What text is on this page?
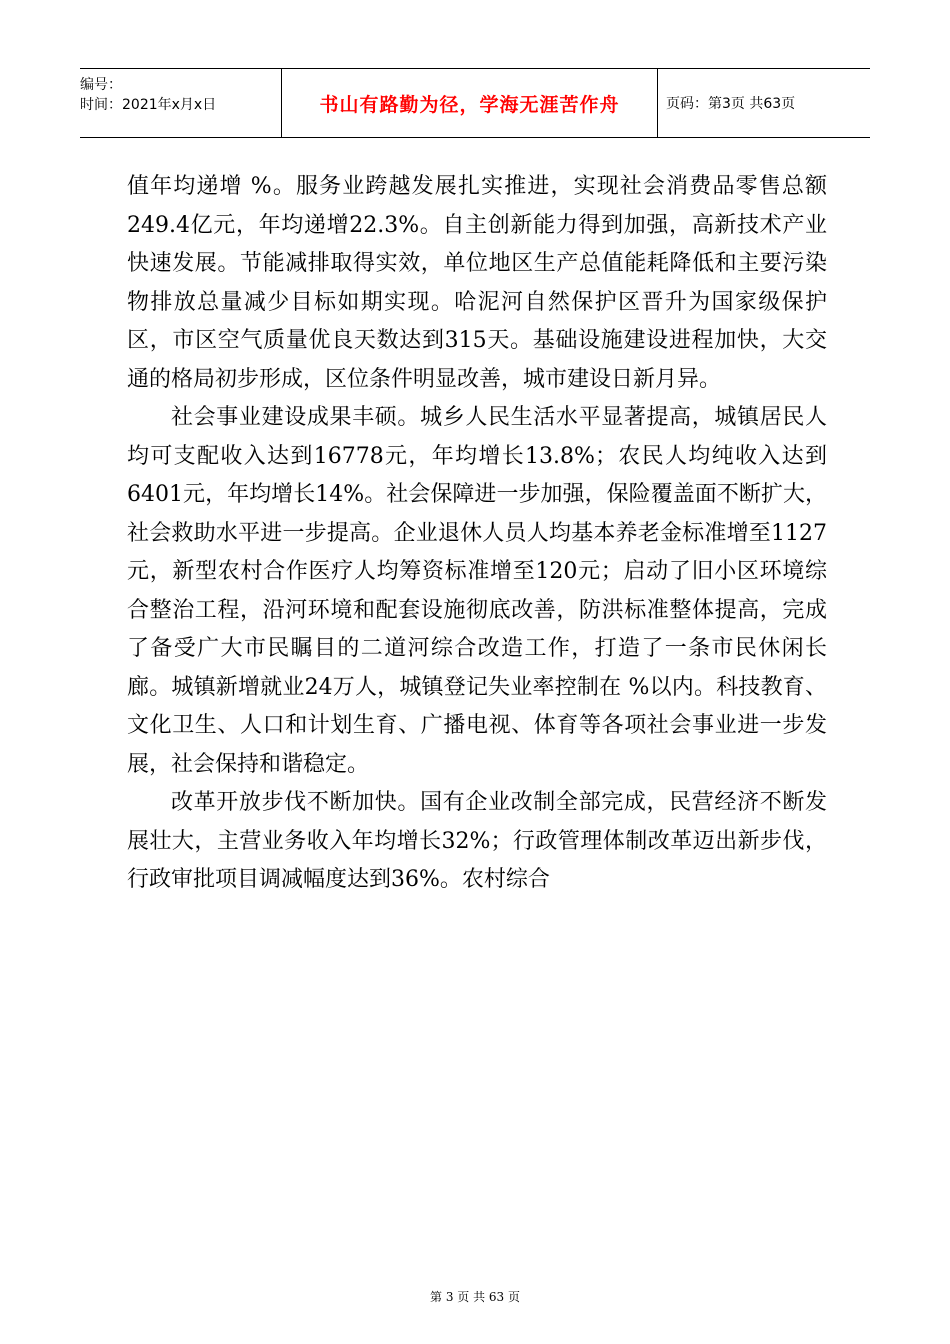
编号：
时间：2021年x月x日	书山有路勤为径，学海无涯苦作舟	页码：第3页 共63页

值年均递增 %。服务业跨越发展扎实推进，实现社会消费品零售总额 249.4亿元，年均递增22.3%。自主创新能力得到加强，高新技术产业快速发展。节能减排取得实效，单位地区生产总值能耗降低和主要污染物排放总量减少目标如期实现。哈泥河自然保护区晋升为国家级保护区，市区空气质量优良天数达到315天。基础设施建设进程加快，大交通的格局初步形成，区位条件明显改善，城市建设日新月异。

社会事业建设成果丰硕。城乡人民生活水平显著提高，城镇居民人均可支配收入达到16778元，年均增长13.8%；农民人均纯收入达到6401元，年均增长14%。社会保障进一步加强，保险覆盖面不断扩大，社会救助水平进一步提高。企业退休人员人均基本养老金标准增至1127元，新型农村合作医疗人均筹资标准增至120元；启动了旧小区环境综合整治工程，沿河环境和配套设施彻底改善，防洪标准整体提高，完成了备受广大市民瞩目的二道河综合改造工作，打造了一条市民休闲长廊。城镇新增就业24万人，城镇登记失业率控制在 %以内。科技教育、文化卫生、人口和计划生育、广播电视、体育等各项社会事业进一步发展，社会保持和谐稳定。

改革开放步伐不断加快。国有企业改制全部完成，民营经济不断发展壮大，主营业务收入年均增长32%；行政管理体制改革迈出新步伐，行政审批项目调减幅度达到36%。农村综合

第 3 页 共 63 页
